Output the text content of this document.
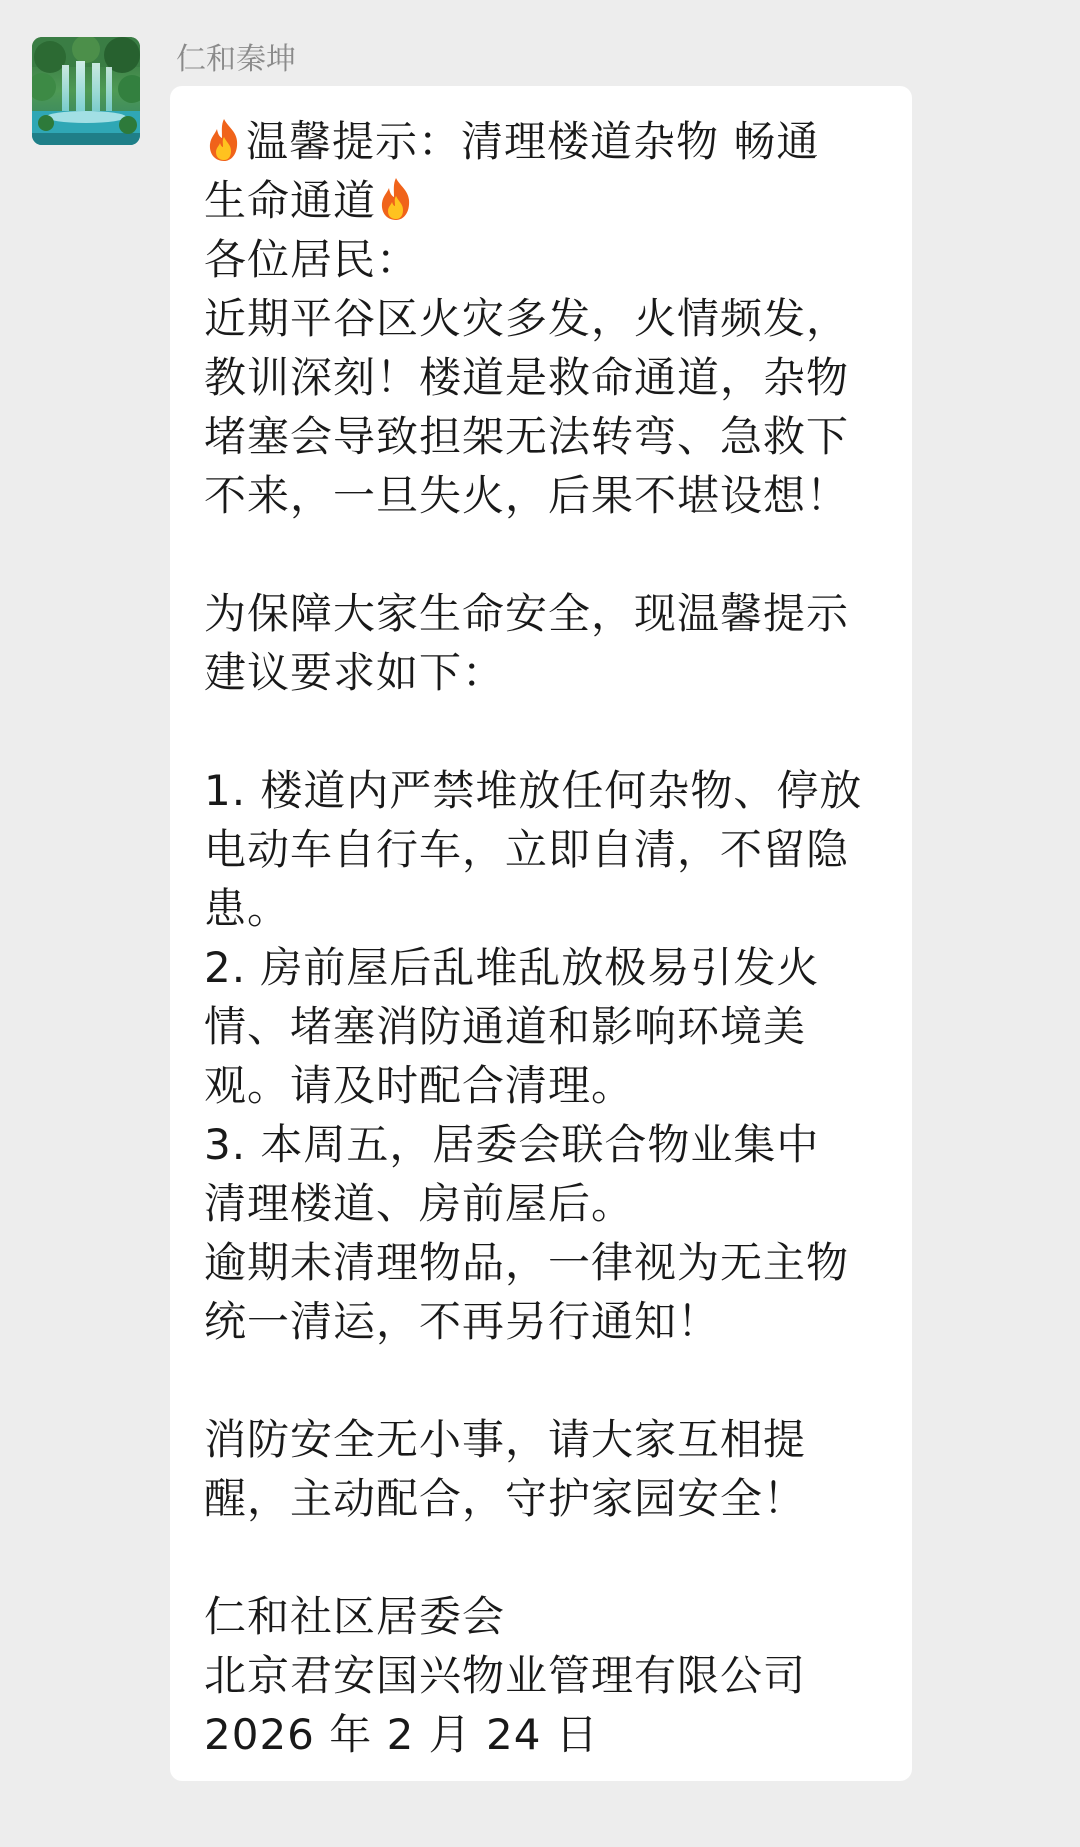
仁和秦坤
温馨提示：清理楼道杂物 畅通
生命通道
各位居民：
近期平谷区火灾多发，火情频发，
教训深刻！楼道是救命通道，杂物
堵塞会导致担架无法转弯、急救下
不来，一旦失火，后果不堪设想！
为保障大家生命安全，现温馨提示
建议要求如下：
1. 楼道内严禁堆放任何杂物、停放
电动车自行车，立即自清，不留隐
患。
2. 房前屋后乱堆乱放极易引发火
情、堵塞消防通道和影响环境美
观。请及时配合清理。
3. 本周五，居委会联合物业集中
清理楼道、房前屋后。
逾期未清理物品，一律视为无主物
统一清运，不再另行通知！
消防安全无小事，请大家互相提
醒，主动配合，守护家园安全！
仁和社区居委会
北京君安国兴物业管理有限公司
2026 年 2 月 24 日
